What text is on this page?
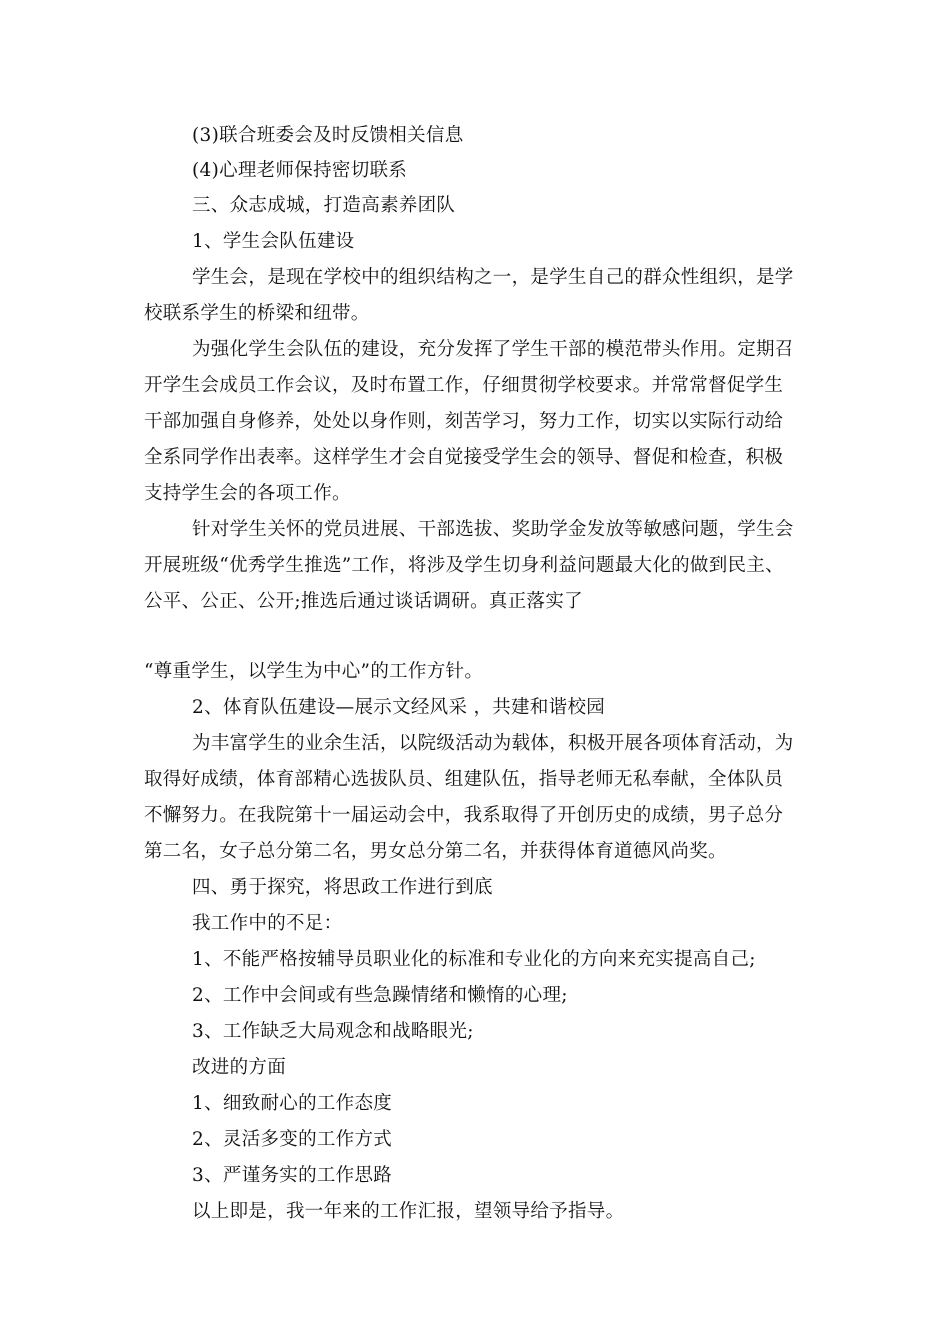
(3)联合班委会及时反馈相关信息
(4)心理老师保持密切联系
三、众志成城，打造高素养团队
1、学生会队伍建设
学生会，是现在学校中的组织结构之一，是学生自己的群众性组织，是学
校联系学生的桥梁和纽带。
为强化学生会队伍的建设，充分发挥了学生干部的模范带头作用。定期召
开学生会成员工作会议，及时布置工作，仔细贯彻学校要求。并常常督促学生
干部加强自身修养，处处以身作则，刻苦学习，努力工作，切实以实际行动给
全系同学作出表率。这样学生才会自觉接受学生会的领导、督促和检查，积极
支持学生会的各项工作。
针对学生关怀的党员进展、干部选拔、奖助学金发放等敏感问题，学生会
开展班级“优秀学生推选”工作，将涉及学生切身利益问题最大化的做到民主、
公平、公正、公开;推选后通过谈话调研。真正落实了
“尊重学生，以学生为中心”的工作方针。
2、体育队伍建设—展示文经风采 ，共建和谐校园
为丰富学生的业余生活，以院级活动为载体，积极开展各项体育活动，为
取得好成绩，体育部精心选拔队员、组建队伍，指导老师无私奉献，全体队员
不懈努力。在我院第十一届运动会中，我系取得了开创历史的成绩，男子总分
第二名，女子总分第二名，男女总分第二名，并获得体育道德风尚奖。
四、勇于探究，将思政工作进行到底
我工作中的不足：
1、不能严格按辅导员职业化的标准和专业化的方向来充实提高自己;
2、工作中会间或有些急躁情绪和懒惰的心理;
3、工作缺乏大局观念和战略眼光;
改进的方面
1、细致耐心的工作态度
2、灵活多变的工作方式
3、严谨务实的工作思路
以上即是，我一年来的工作汇报，望领导给予指导。
